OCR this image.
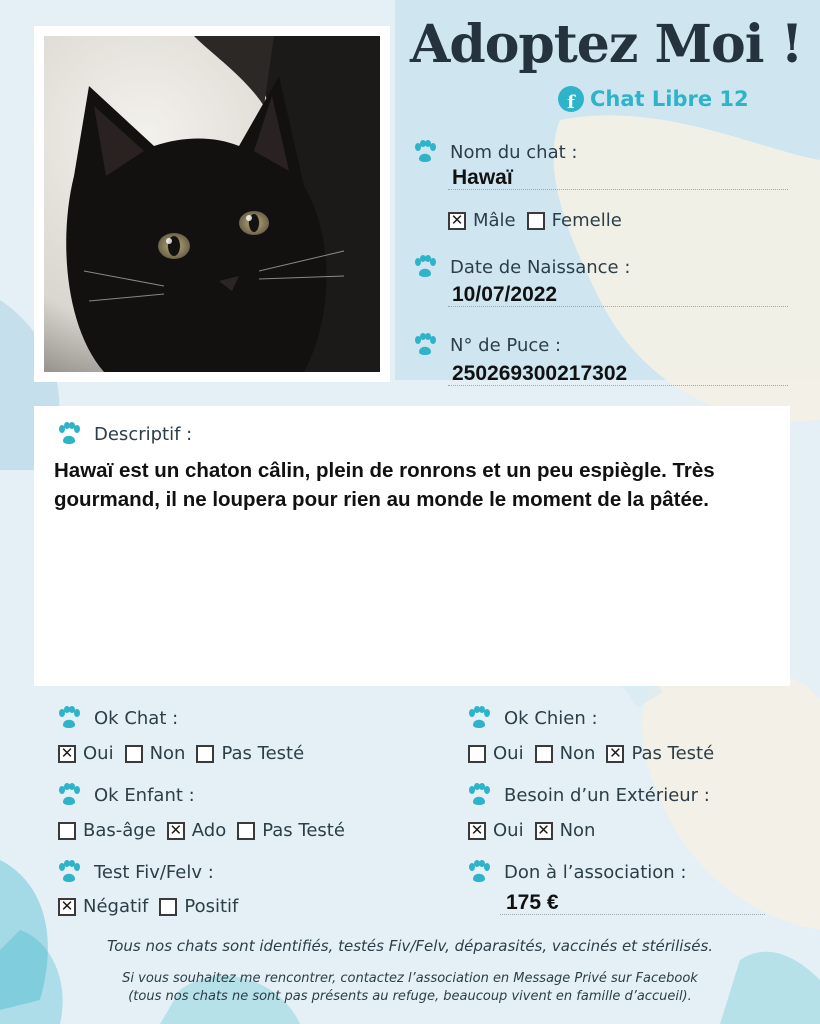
Adoptez Moi !
f Chat Libre 12
Nom du chat :
Hawaï
✕ Mâle Femelle
Date de Naissance :
10/07/2022
N° de Puce :
250269300217302
Descriptif :
Hawaï est un chaton câlin, plein de ronrons et un peu espiègle. Très gourmand, il ne loupera pour rien au monde le moment de la pâtée.
Ok Chat :
✕ Oui Non Pas Testé
Ok Chien :
Oui Non ✕ Pas Testé
Ok Enfant :
Bas-âge ✕ Ado Pas Testé
Besoin d’un Extérieur :
✕ Oui ✕ Non
Test Fiv/Felv :
✕ Négatif Positif
Don à l’association :
175 €
Tous nos chats sont identifiés, testés Fiv/Felv, déparasités, vaccinés et stérilisés.
Si vous souhaitez me rencontrer, contactez l’association en Message Privé sur Facebook
(tous nos chats ne sont pas présents au refuge, beaucoup vivent en famille d’accueil).
